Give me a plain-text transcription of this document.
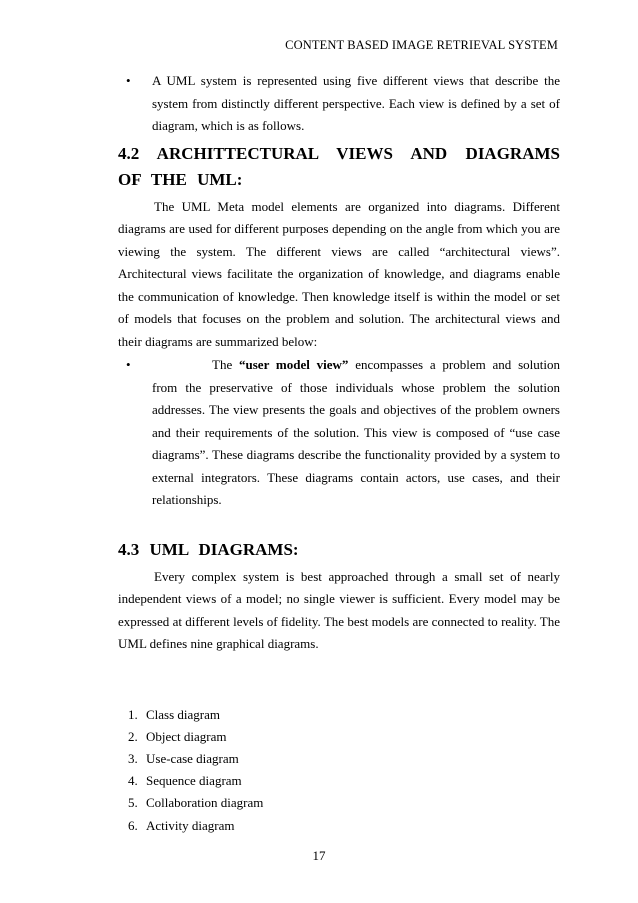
CONTENT BASED IMAGE RETRIEVAL SYSTEM
• A UML system is represented using five different views that describe the system from distinctly different perspective. Each view is defined by a set of diagram, which is as follows.
4.2 ARCHITTECTURAL VIEWS AND DIAGRAMS OF THE UML:
The UML Meta model elements are organized into diagrams. Different diagrams are used for different purposes depending on the angle from which you are viewing the system. The different views are called “architectural views”. Architectural views facilitate the organization of knowledge, and diagrams enable the communication of knowledge. Then knowledge itself is within the model or set of models that focuses on the problem and solution. The architectural views and their diagrams are summarized below:
•	The “user model view” encompasses a problem and solution from the preservative of those individuals whose problem the solution addresses. The view presents the goals and objectives of the problem owners and their requirements of the solution. This view is composed of “use case diagrams”. These diagrams describe the functionality provided by a system to external integrators. These diagrams contain actors, use cases, and their relationships.
4.3 UML DIAGRAMS:
Every complex system is best approached through a small set of nearly independent views of a model; no single viewer is sufficient. Every model may be expressed at different levels of fidelity. The best models are connected to reality. The UML defines nine graphical diagrams.
1. Class diagram
2. Object diagram
3. Use-case diagram
4. Sequence diagram
5. Collaboration diagram
6. Activity diagram
17
